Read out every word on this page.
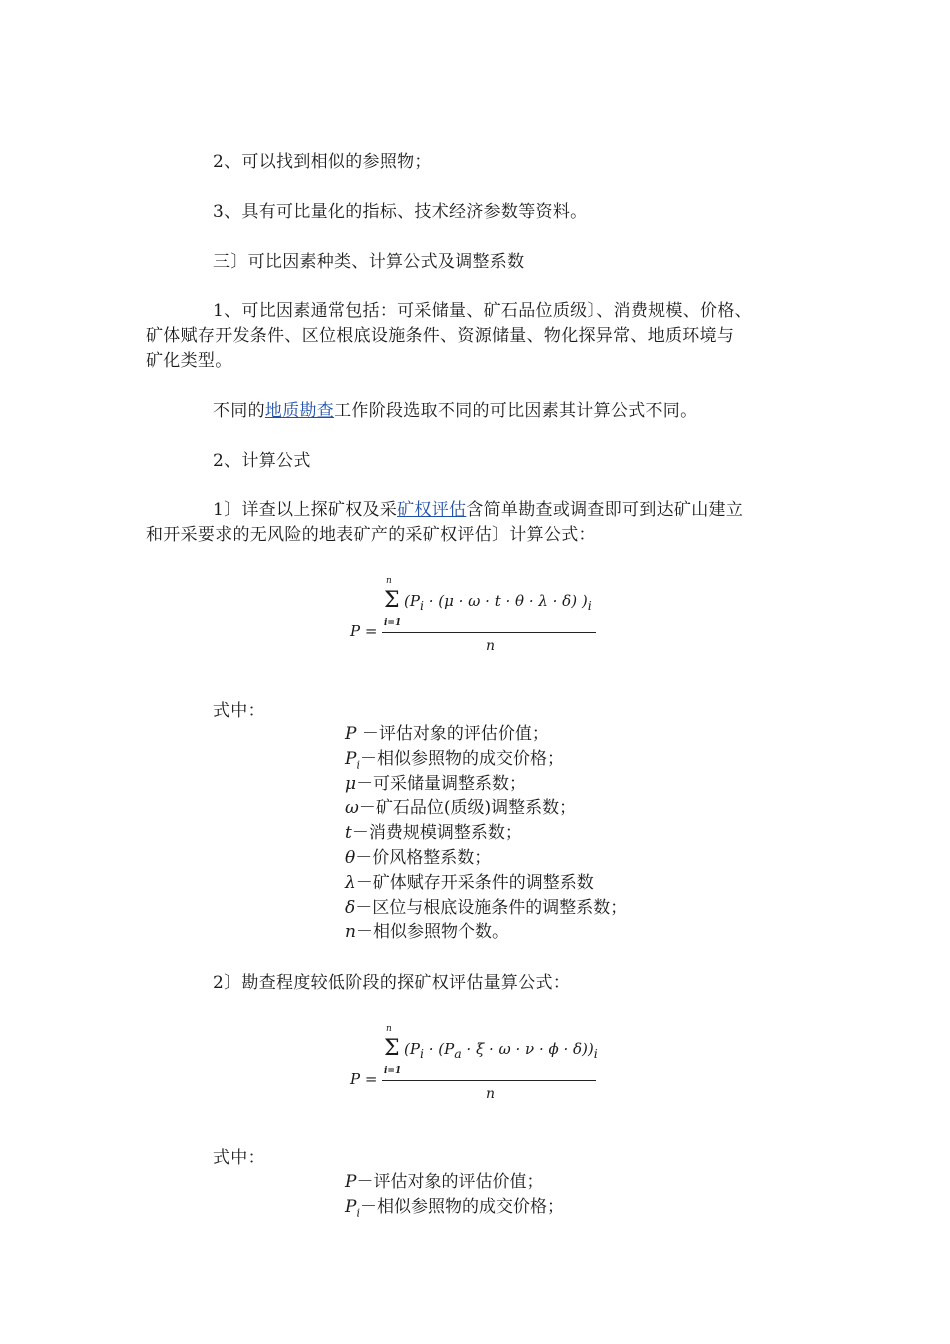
2、可以找到相似的参照物；
3、具有可比量化的指标、技术经济参数等资料。
三〕可比因素种类、计算公式及调整系数
1、可比因素通常包括：可采储量、矿石品位质级〕、消费规模、价格、
矿体赋存开发条件、区位根底设施条件、资源储量、物化探异常、地质环境与
矿化类型。
不同的地质勘查工作阶段选取不同的可比因素其计算公式不同。
2、计算公式
1〕详查以上探矿权及采矿权评估含简单勘查或调查即可到达矿山建立
和开采要求的无风险的地表矿产的采矿权评估〕计算公式：
n
Σ
i=1
($P_i \cdot (\mu \cdot \omega \cdot t \cdot \theta \cdot \lambda \cdot \delta)$ )$_i$
P =
n
式中：
P －评估对象的评估价值；
$P_i-$相似参照物的成交价格；
μ－可采储量调整系数；
ω－矿石品位(质级)调整系数；
t－消费规模调整系数；
θ－价风格整系数；
λ－矿体赋存开采条件的调整系数
δ－区位与根底设施条件的调整系数；
n－相似参照物个数。
2〕勘查程度较低阶段的探矿权评估量算公式：
n
Σ
i=1
$(P_i \cdot (P_a \cdot \xi \cdot \omega \cdot \nu \cdot \phi \cdot \delta))_i$
P =
n
式中：
P－评估对象的评估价值；
$P_i-$相似参照物的成交价格；
